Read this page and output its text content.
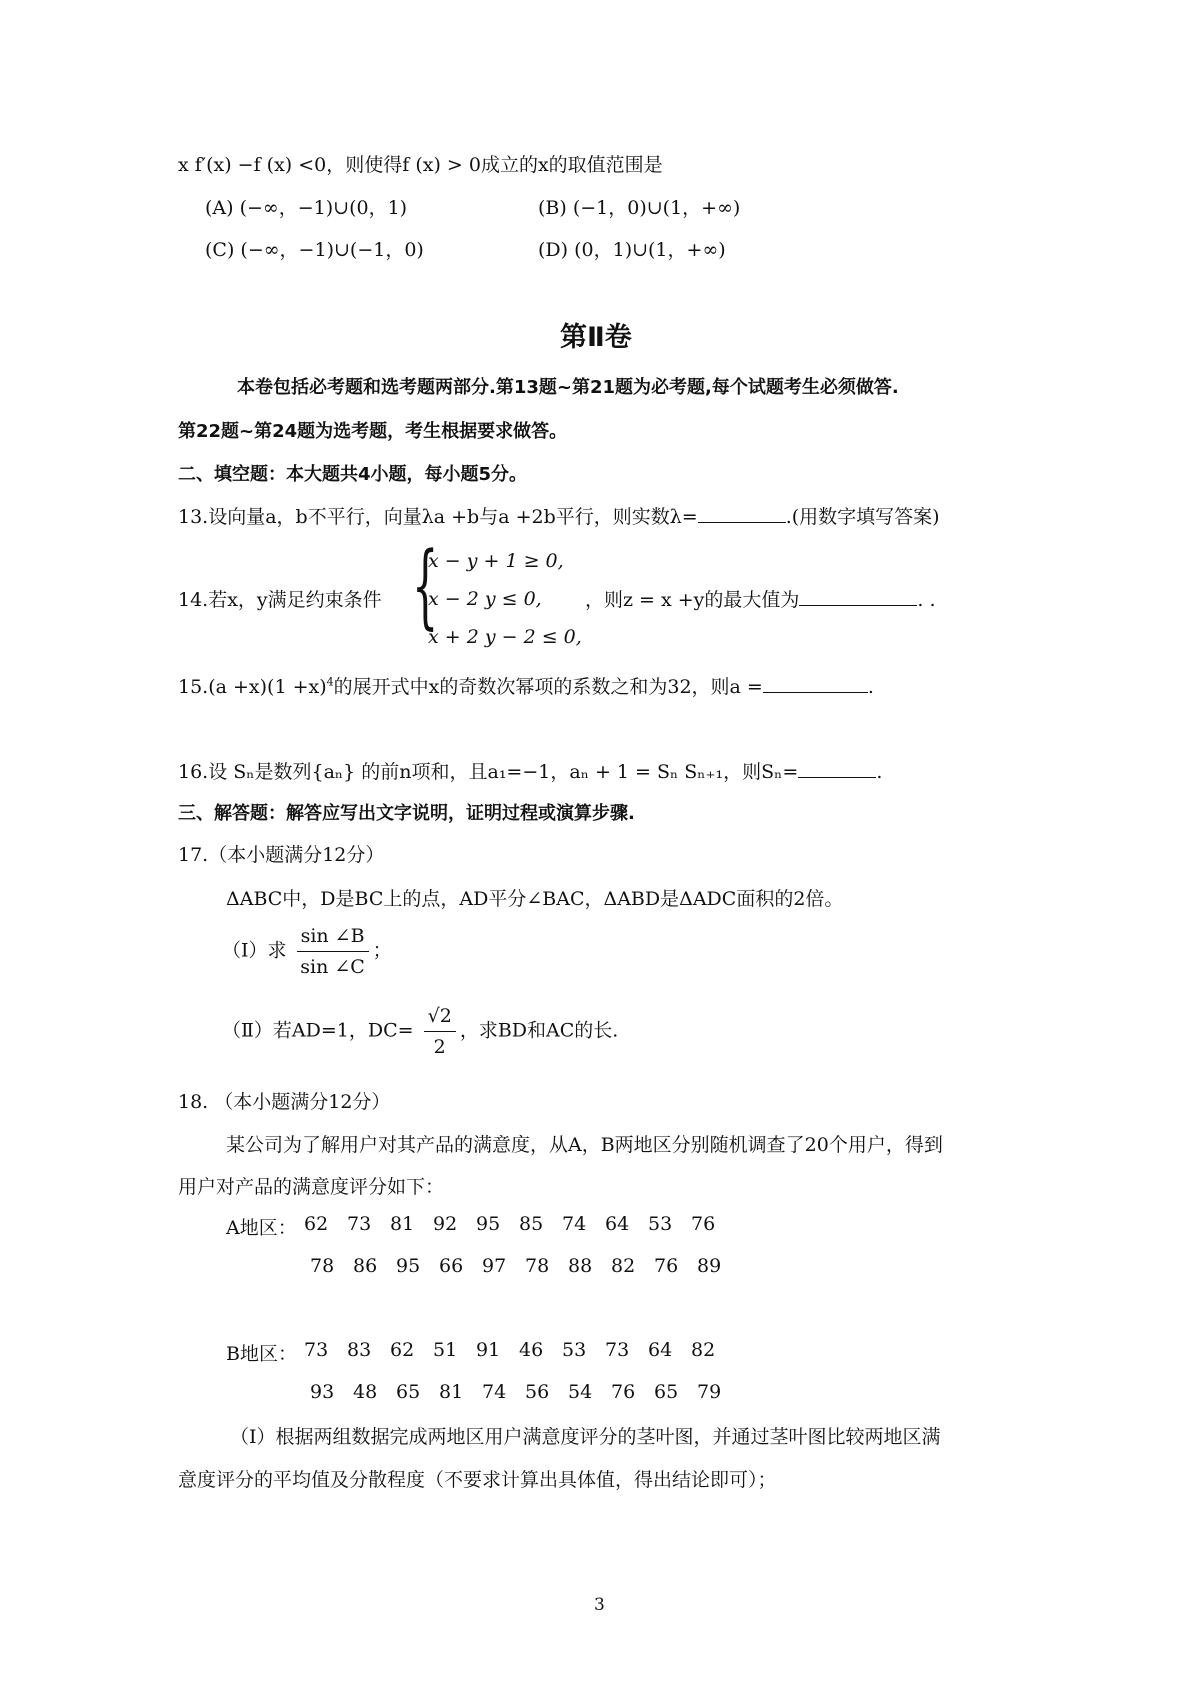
x f′(x) −f (x) <0，则使得f (x) > 0成立的x的取值范围是
(A) (−∞，−1)∪(0，1)	(B) (−1，0)∪(1，+∞)
(C) (−∞，−1)∪(−1，0)	(D) (0，1)∪(1，+∞)
第Ⅱ卷
本卷包括必考题和选考题两部分.第13题~第21题为必考题,每个试题考生必须做答.
第22题~第24题为选考题，考生根据要求做答。
二、填空题：本大题共4小题，每小题5分。
13.设向量a，b不平行，向量λa +b与a +2b平行，则实数λ=	.(用数字填写答案)
14.若x，y满足约束条件 {
x − y + 1 ≥ 0,
x − 2 y ≤ 0,
x + 2 y − 2 ≤ 0,
，则z = x +y的最大值为	. .
$15.(a +x)(1 +x)^4$的展开式中x的奇数次幂项的系数之和为32，则a =	.
16.设 Sₙ是数列{aₙ} 的前n项和，且a₁=−1，aₙ + 1 = Sₙ Sₙ₊₁，则Sₙ=	.
三、解答题：解答应写出文字说明，证明过程或演算步骤.
17.（本小题满分12分）
ΔABC中，D是BC上的点，AD平分∠BAC，ΔABD是ΔADC面积的2倍。
（Ⅰ）求 $\frac{\sin \angle B}{\sin \angle C}$ ；
（Ⅱ）若AD=1，$DC= \frac{√2}{2}$ ，求BD和AC的长.
18. （本小题满分12分）
某公司为了解用户对其产品的满意度，从A，B两地区分别随机调查了20个用户，得到
用户对产品的满意度评分如下：
A地区： 62 73 81 92 95 85 74 64 53 76
78 86 95 66 97 78 88 82 76 89
B地区： 73 83 62 51 91 46 53 73 64 82
93 48 65 81 74 56 54 76 65 79
（Ⅰ）根据两组数据完成两地区用户满意度评分的茎叶图，并通过茎叶图比较两地区满
意度评分的平均值及分散程度（不要求计算出具体值，得出结论即可）；
3
